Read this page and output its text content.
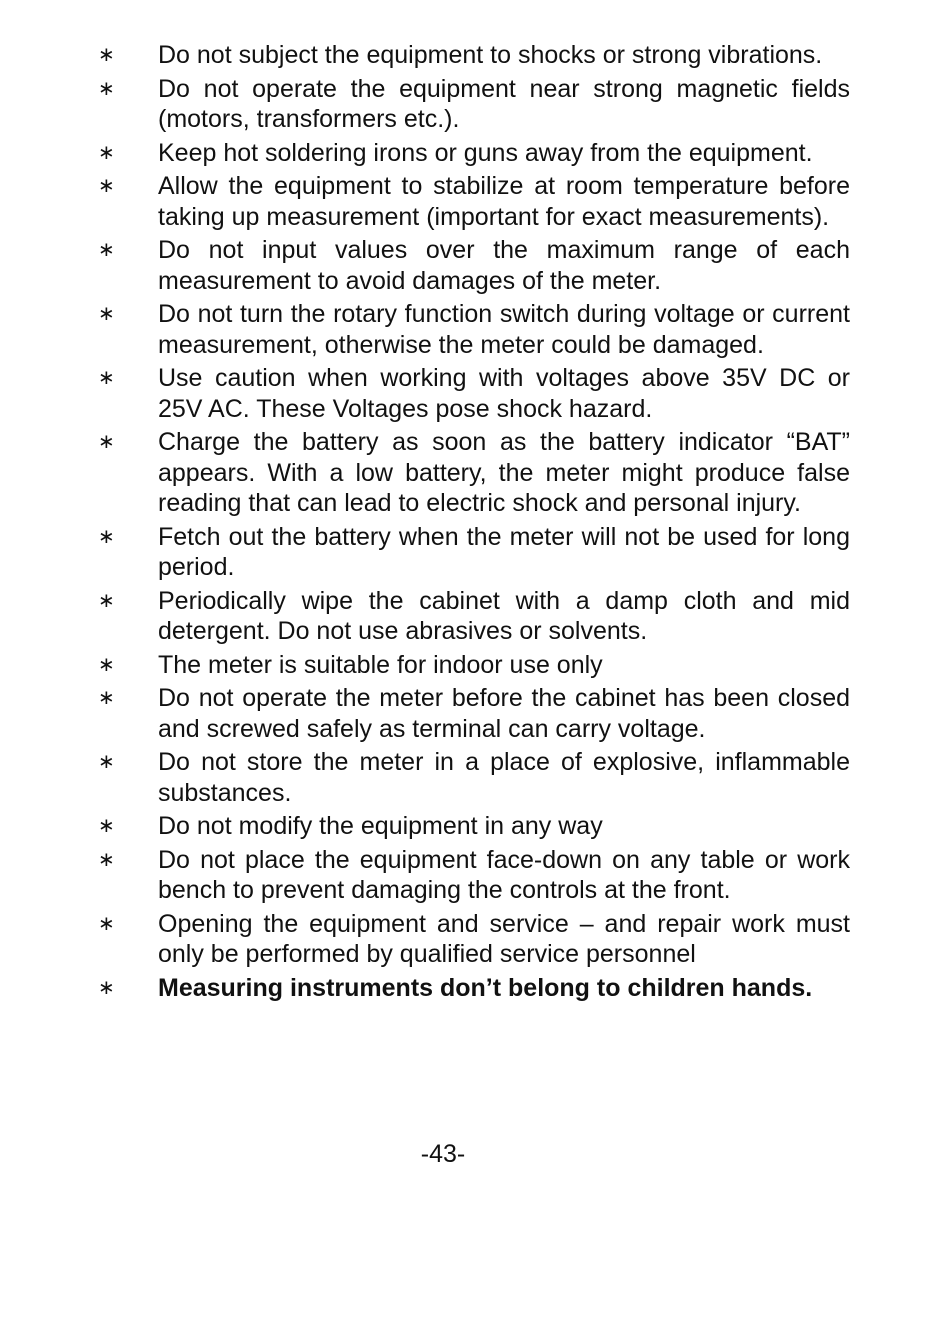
∗	Do not subject the equipment to shocks or strong vibrations.
∗	Do not operate the equipment near strong magnetic fields (motors, transformers etc.).
∗	Keep hot soldering irons or guns away from the equipment.
∗	Allow the equipment to stabilize at room temperature before taking up measurement (important for exact measurements).
∗	Do not input values over the maximum range of each measurement to avoid damages of the meter.
∗	Do not turn the rotary function switch during voltage or current measurement, otherwise the meter could be damaged.
∗	Use caution when working with voltages above 35V DC or 25V AC. These Voltages pose shock hazard.
∗	Charge the battery as soon as the battery indicator “BAT” appears. With a low battery, the meter might produce false reading that can lead to electric shock and personal injury.
∗	Fetch out the battery when the meter will not be used for long period.
∗	Periodically wipe the cabinet with a damp cloth and mid detergent. Do not use abrasives or solvents.
∗	The meter is suitable for indoor use only
∗	Do not operate the meter before the cabinet has been closed and screwed safely as terminal can carry voltage.
∗	Do not store the meter in a place of explosive, inflammable substances.
∗	Do not modify the equipment in any way
∗	Do not place the equipment face-down on any table or work bench to prevent damaging the controls at the front.
∗	Opening the equipment and service – and repair work must only be performed by qualified service personnel
∗	Measuring instruments don’t belong to children hands.
-43-
